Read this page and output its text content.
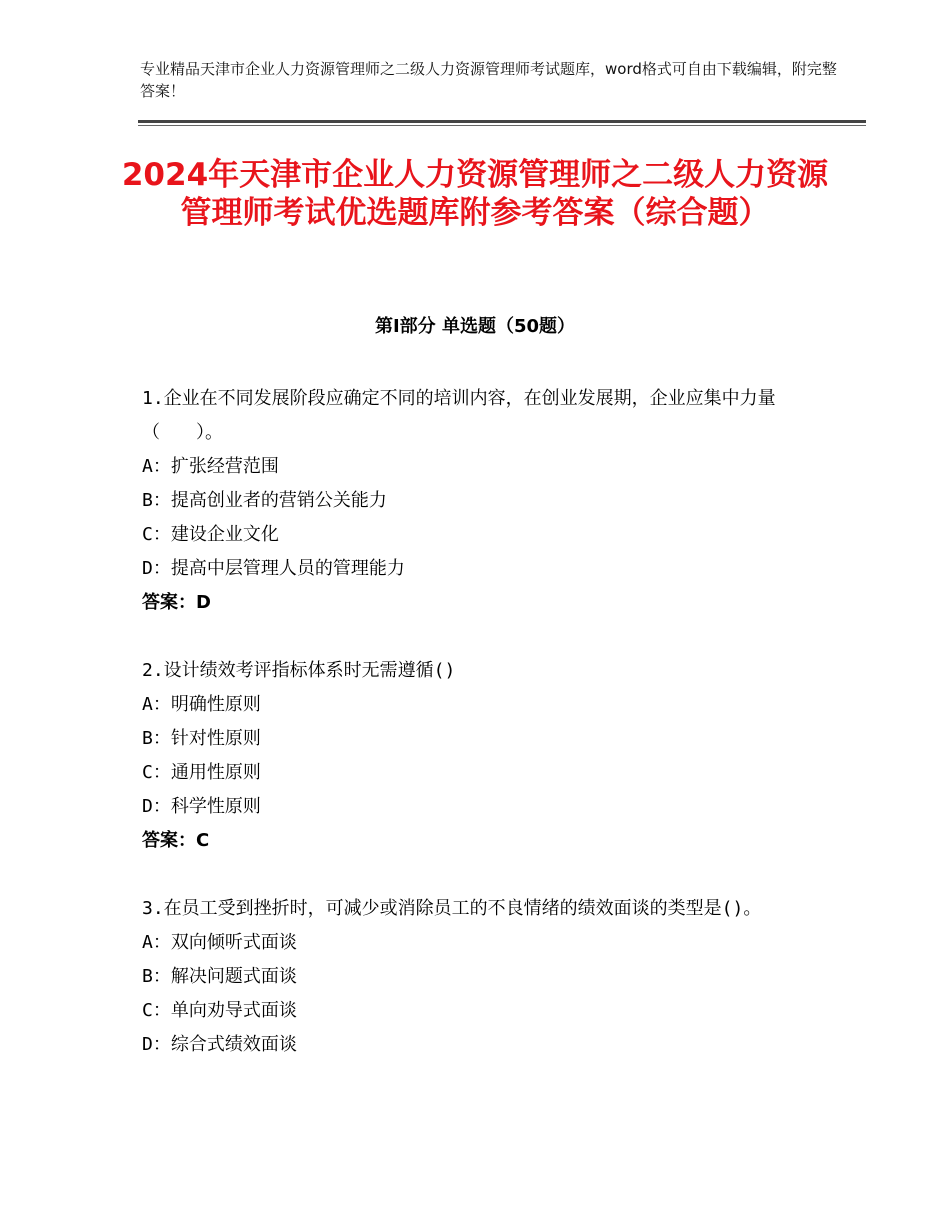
专业精品天津市企业人力资源管理师之二级人力资源管理师考试题库，word格式可自由下载编辑，附完整答案！
2024年天津市企业人力资源管理师之二级人力资源管理师考试优选题库附参考答案（综合题）
第Ⅰ部分 单选题（50题）

1.企业在不同发展阶段应确定不同的培训内容，在创业发展期，企业应集中力量（　　）。

A：扩张经营范围

B：提高创业者的营销公关能力

C：建设企业文化

D：提高中层管理人员的管理能力

答案：D

2.设计绩效考评指标体系时无需遵循()

A：明确性原则

B：针对性原则

C：通用性原则

D：科学性原则

答案：C

3.在员工受到挫折时，可减少或消除员工的不良情绪的绩效面谈的类型是()。

A：双向倾听式面谈

B：解决问题式面谈

C：单向劝导式面谈

D：综合式绩效面谈
